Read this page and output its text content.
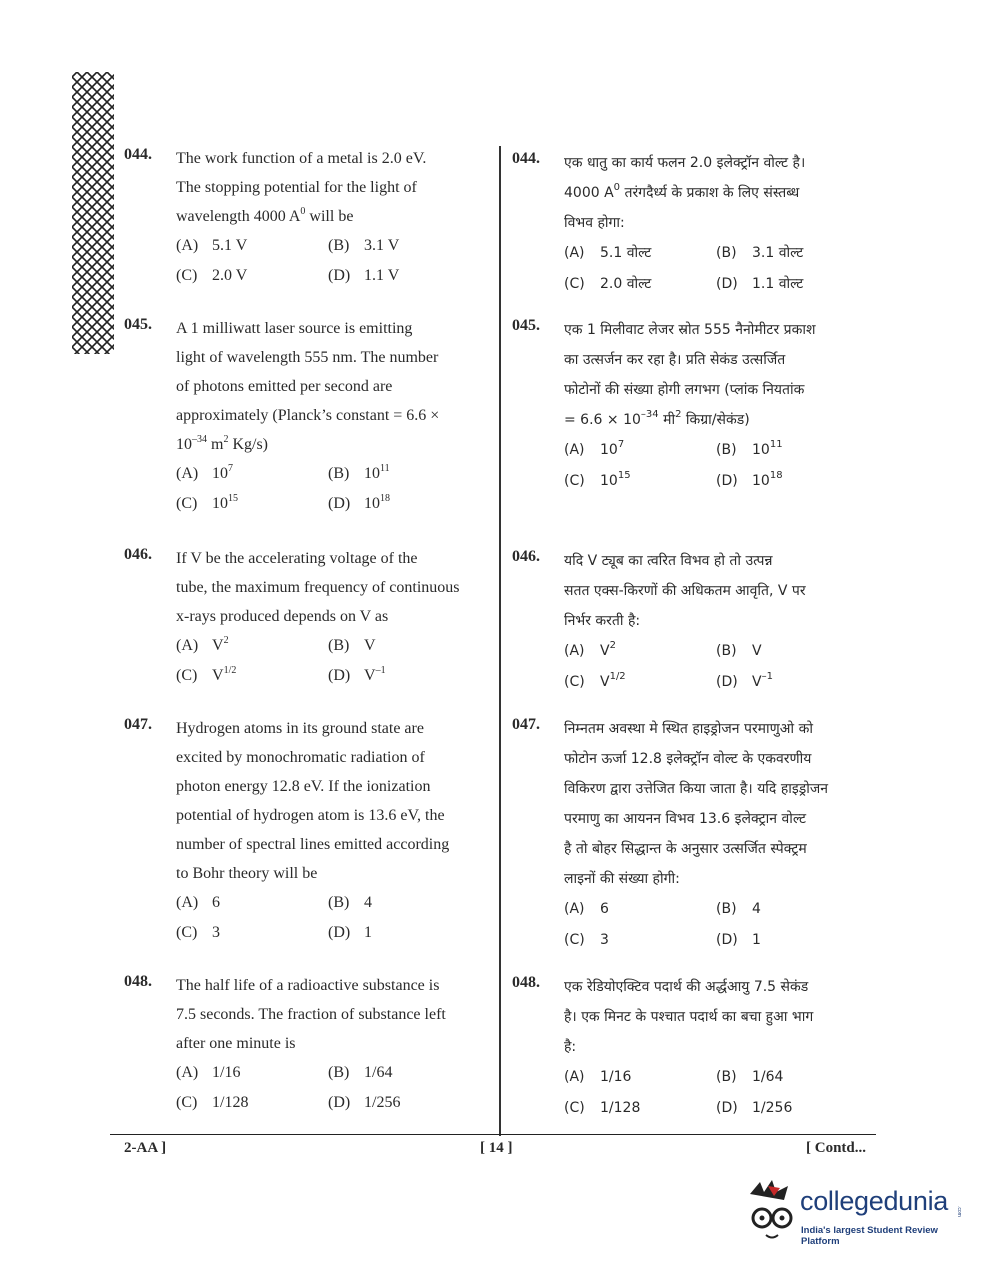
044. The work function of a metal is 2.0 eV.
The stopping potential for the light of
wavelength 4000 $A^0$ will be
(A) 5.1 V	(B) 3.1 V
(C) 2.0 V	(D) 1.1 V
045. A 1 milliwatt laser source is emitting
light of wavelength 555 nm. The number
of photons emitted per second are
approximately (Planck’s constant = 6.6 ×
$10^{-34}$ $m^2$ Kg/s)
(A) $10^7$	(B) $10^{11}$
(C) $10^{15}$	(D) $10^{18}$
046. If V be the accelerating voltage of the
tube, the maximum frequency of continuous
x-rays produced depends on V as
(A) $V^2$	(B) V
(C) $V^{1/2}$	(D) $V^{-1}$
047. Hydrogen atoms in its ground state are
excited by monochromatic radiation of
photon energy 12.8 eV. If the ionization
potential of hydrogen atom is 13.6 eV, the
number of spectral lines emitted according
to Bohr theory will be
(A) 6	(B) 4
(C) 3	(D) 1
048. The half life of a radioactive substance is
7.5 seconds. The fraction of substance left
after one minute is
(A) 1/16	(B) 1/64
(C) 1/128	(D) 1/256
044. एक धातु का कार्य फलन 2.0 इलेक्ट्रॉन वोल्ट है।
4000 $A^0$ तरंगदैर्ध्य के प्रकाश के लिए संस्तब्ध
विभव होगा:
(A) 5.1 वोल्ट	(B) 3.1 वोल्ट
(C) 2.0 वोल्ट	(D) 1.1 वोल्ट
045. एक 1 मिलीवाट लेजर स्रोत 555 नैनोमीटर प्रकाश
का उत्सर्जन कर रहा है। प्रति सेकंड उत्सर्जित
फोटोनों की संख्या होगी लगभग (प्लांक नियतांक
= $6.6 \times 10^{-34}$ मी$^2$ किग्रा/सेकंड)
(A) $10^7$	(B) $10^{11}$
(C) $10^{15}$	(D) $10^{18}$
046. यदि V ट्यूब का त्वरित विभव हो तो उत्पन्न
सतत एक्स-किरणों की अधिकतम आवृति, V पर
निर्भर करती है:
(A) $V^2$	(B) V
(C) $V^{1/2}$	(D) $V^{-1}$
047. निम्नतम अवस्था मे स्थित हाइड्रोजन परमाणुओ को
फोटोन ऊर्जा 12.8 इलेक्ट्रॉन वोल्ट के एकवरणीय
विकिरण द्वारा उत्तेजित किया जाता है। यदि हाइड्रोजन
परमाणु का आयनन विभव 13.6 इलेक्ट्रान वोल्ट
है तो बोहर सिद्धान्त के अनुसार उत्सर्जित स्पेक्ट्रम
लाइनों की संख्या होगी:
(A) 6	(B) 4
(C) 3	(D) 1
048. एक रेडियोएक्टिव पदार्थ की अर्द्धआयु 7.5 सेकंड
है। एक मिनट के पश्चात पदार्थ का बचा हुआ भाग
है:
(A) 1/16	(B) 1/64
(C) 1/128	(D) 1/256
2-AA ]	[ 14 ]	[ Contd...
collegedunia .com
India's largest Student Review Platform
